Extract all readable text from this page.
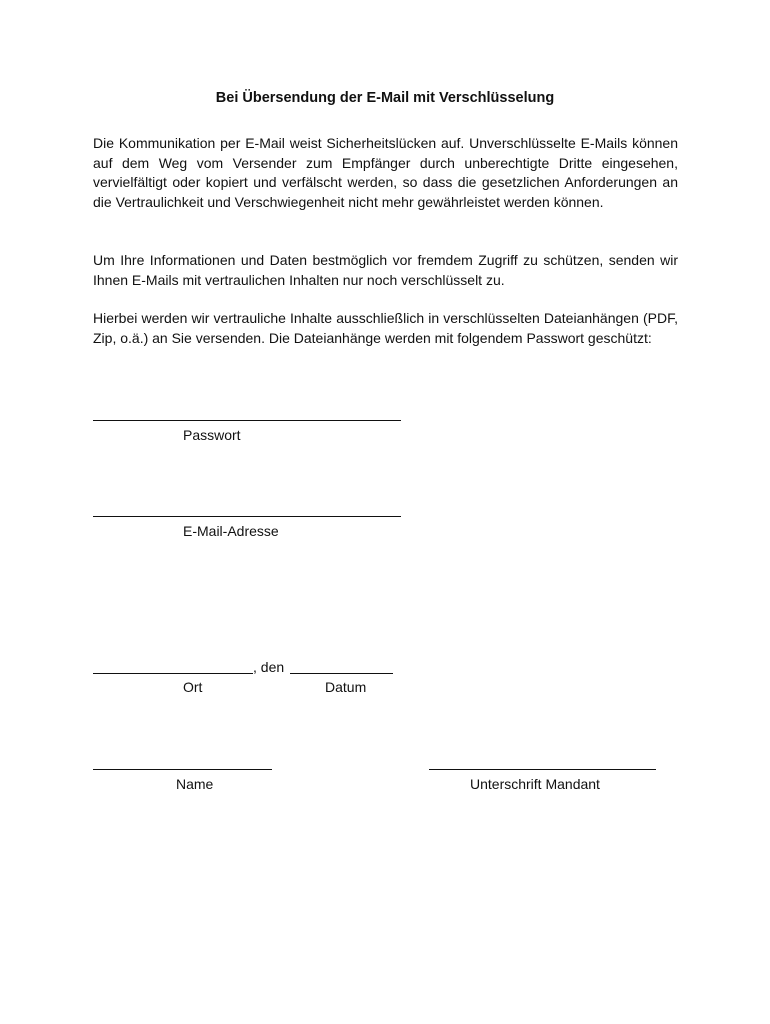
Bei Übersendung der E-Mail mit Verschlüsselung

Die Kommunikation per E-Mail weist Sicherheitslücken auf. Unverschlüsselte E-Mails können auf dem Weg vom Versender zum Empfänger durch unberechtigte Dritte eingesehen, vervielfältigt oder kopiert und verfälscht werden, so dass die gesetzlichen Anforderungen an die Vertraulichkeit und Verschwiegenheit nicht mehr gewährleistet werden können.

Um Ihre Informationen und Daten bestmöglich vor fremdem Zugriff zu schützen, senden wir Ihnen E-Mails mit vertraulichen Inhalten nur noch verschlüsselt zu.

Hierbei werden wir vertrauliche Inhalte ausschließlich in verschlüsselten Dateianhängen (PDF, Zip, o.ä.) an Sie versenden. Die Dateianhänge werden mit folgendem Passwort geschützt:

Passwort
E-Mail-Adresse
, den
Ort	Datum
Name	Unterschrift Mandant
